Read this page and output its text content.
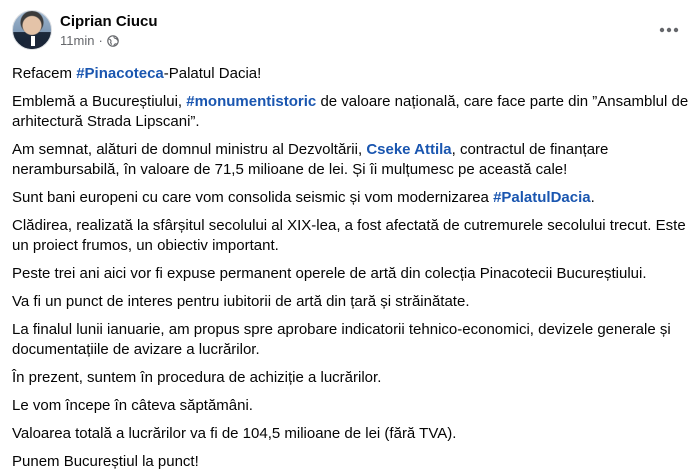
Ciprian Ciucu
11min ·

Refacem #Pinacoteca-Palatul Dacia!

Emblemă a Bucureștiului, #monumentistoric de valoare națională, care face parte din ”Ansamblul de arhitectură Strada Lipscani”.

Am semnat, alături de domnul ministru al Dezvoltării, Cseke Attila, contractul de finanțare nerambursabilă, în valoare de 71,5 milioane de lei. Și îi mulțumesc pe această cale!

Sunt bani europeni cu care vom consolida seismic și vom modernizarea #PalatulDacia.

Clădirea, realizată la sfârșitul secolului al XIX-lea, a fost afectată de cutremurele secolului trecut. Este un proiect frumos, un obiectiv important.

Peste trei ani aici vor fi expuse permanent operele de artă din colecția Pinacotecii Bucureștiului.

Va fi un punct de interes pentru iubitorii de artă din țară și străinătate.

La finalul lunii ianuarie, am propus spre aprobare indicatorii tehnico-economici, devizele generale și documentațiile de avizare a lucrărilor.

În prezent, suntem în procedura de achiziție a lucrărilor.

Le vom începe în câteva săptămâni.

Valoarea totală a lucrărilor va fi de 104,5 milioane de lei (fără TVA).

Punem Bucureștiul la punct!
